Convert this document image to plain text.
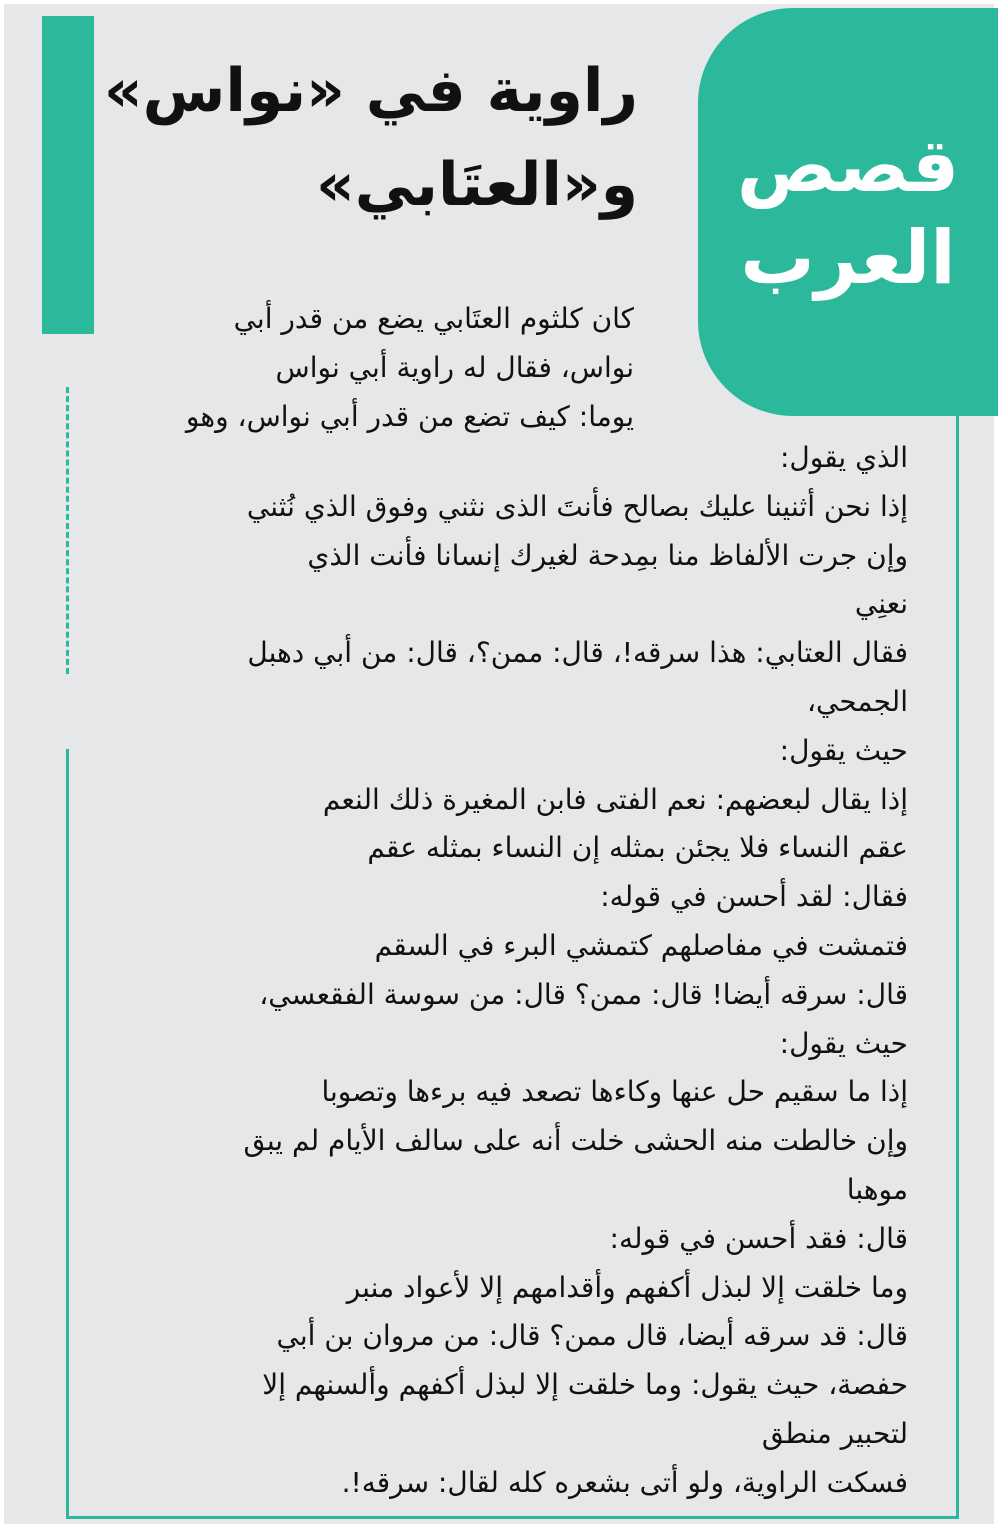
قصص
العرب
راوية في «نواس»
و«العتَابي»
كان كلثوم العتَابي يضع من قدر أبي
نواس، فقال له راوية أبي نواس
يوما: كيف تضع من قدر أبي نواس، وهو
الذي يقول:
إذا نحن أثنينا عليك بصالح فأنتَ الذى نثني وفوق الذي نُثني
وإن جرت الألفاظ منا بمِدحة لغيرك إنسانا فأنت الذي
نعنِي
فقال العتابي: هذا سرقه!، قال: ممن؟، قال: من أبي دهبل
الجمحي،
حيث يقول:
إذا يقال لبعضهم: نعم الفتى فابن المغيرة ذلك النعم
عقم النساء فلا يجئن بمثله إن النساء بمثله عقم
فقال: لقد أحسن في قوله:
فتمشت في مفاصلهم كتمشي البرء في السقم
قال: سرقه أيضا! قال: ممن؟ قال: من سوسة الفقعسي،
حيث يقول:
إذا ما سقيم حل عنها وكاءها تصعد فيه برءها وتصوبا
وإن خالطت منه الحشى خلت أنه على سالف الأيام لم يبق
موهبا
قال: فقد أحسن في قوله:
وما خلقت إلا لبذل أكفهم وأقدامهم إلا لأعواد منبر
قال: قد سرقه أيضا، قال ممن؟ قال: من مروان بن أبي
حفصة، حيث يقول: وما خلقت إلا لبذل أكفهم وألسنهم إلا
لتحبير منطق
فسكت الراوية، ولو أتى بشعره كله لقال: سرقه!.
